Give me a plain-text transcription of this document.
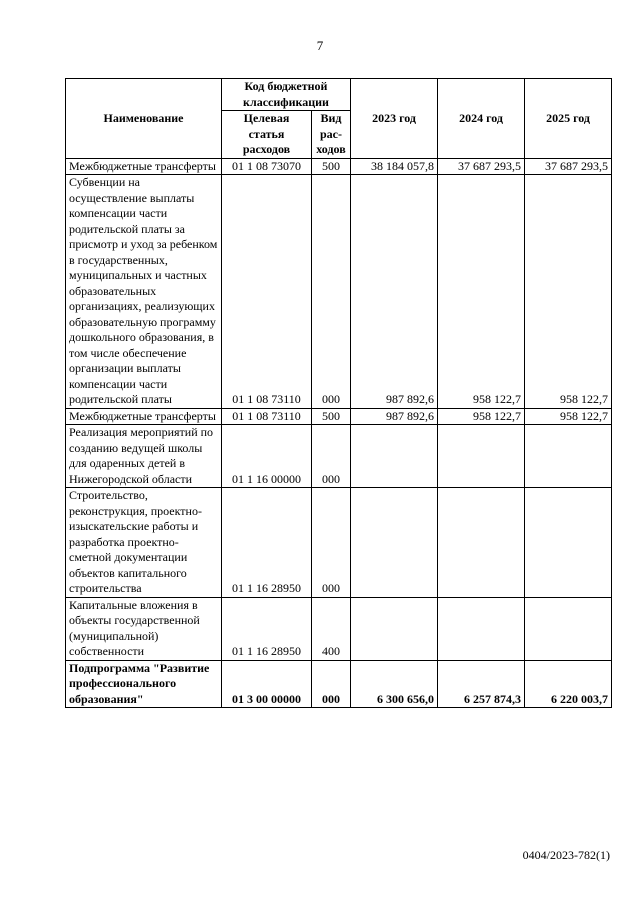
7
Наименование	Код бюджетной классификации		2023 год	2024 год	2025 год
	Целевая статья расходов	Вид рас-ходов			
Межбюджетные трансферты	01 1 08 73070	500	38 184 057,8	37 687 293,5	37 687 293,5
Субвенции на осуществление выплаты компенсации части родительской платы за присмотр и уход за ребенком в государственных, муниципальных и частных образовательных организациях, реализующих образовательную программу дошкольного образования, в том числе обеспечение организации выплаты компенсации части родительской платы	01 1 08 73110	000	987 892,6	958 122,7	958 122,7
Межбюджетные трансферты	01 1 08 73110	500	987 892,6	958 122,7	958 122,7
Реализация мероприятий по созданию ведущей школы для одаренных детей в Нижегородской области	01 1 16 00000	000			
Строительство, реконструкция, проектно-изыскательские работы и разработка проектно-сметной документации объектов капитального строительства	01 1 16 28950	000			
Капитальные вложения в объекты государственной (муниципальной) собственности	01 1 16 28950	400			
Подпрограмма "Развитие профессионального образования"	01 3 00 00000	000	6 300 656,0	6 257 874,3	6 220 003,7
0404/2023-782(1)
